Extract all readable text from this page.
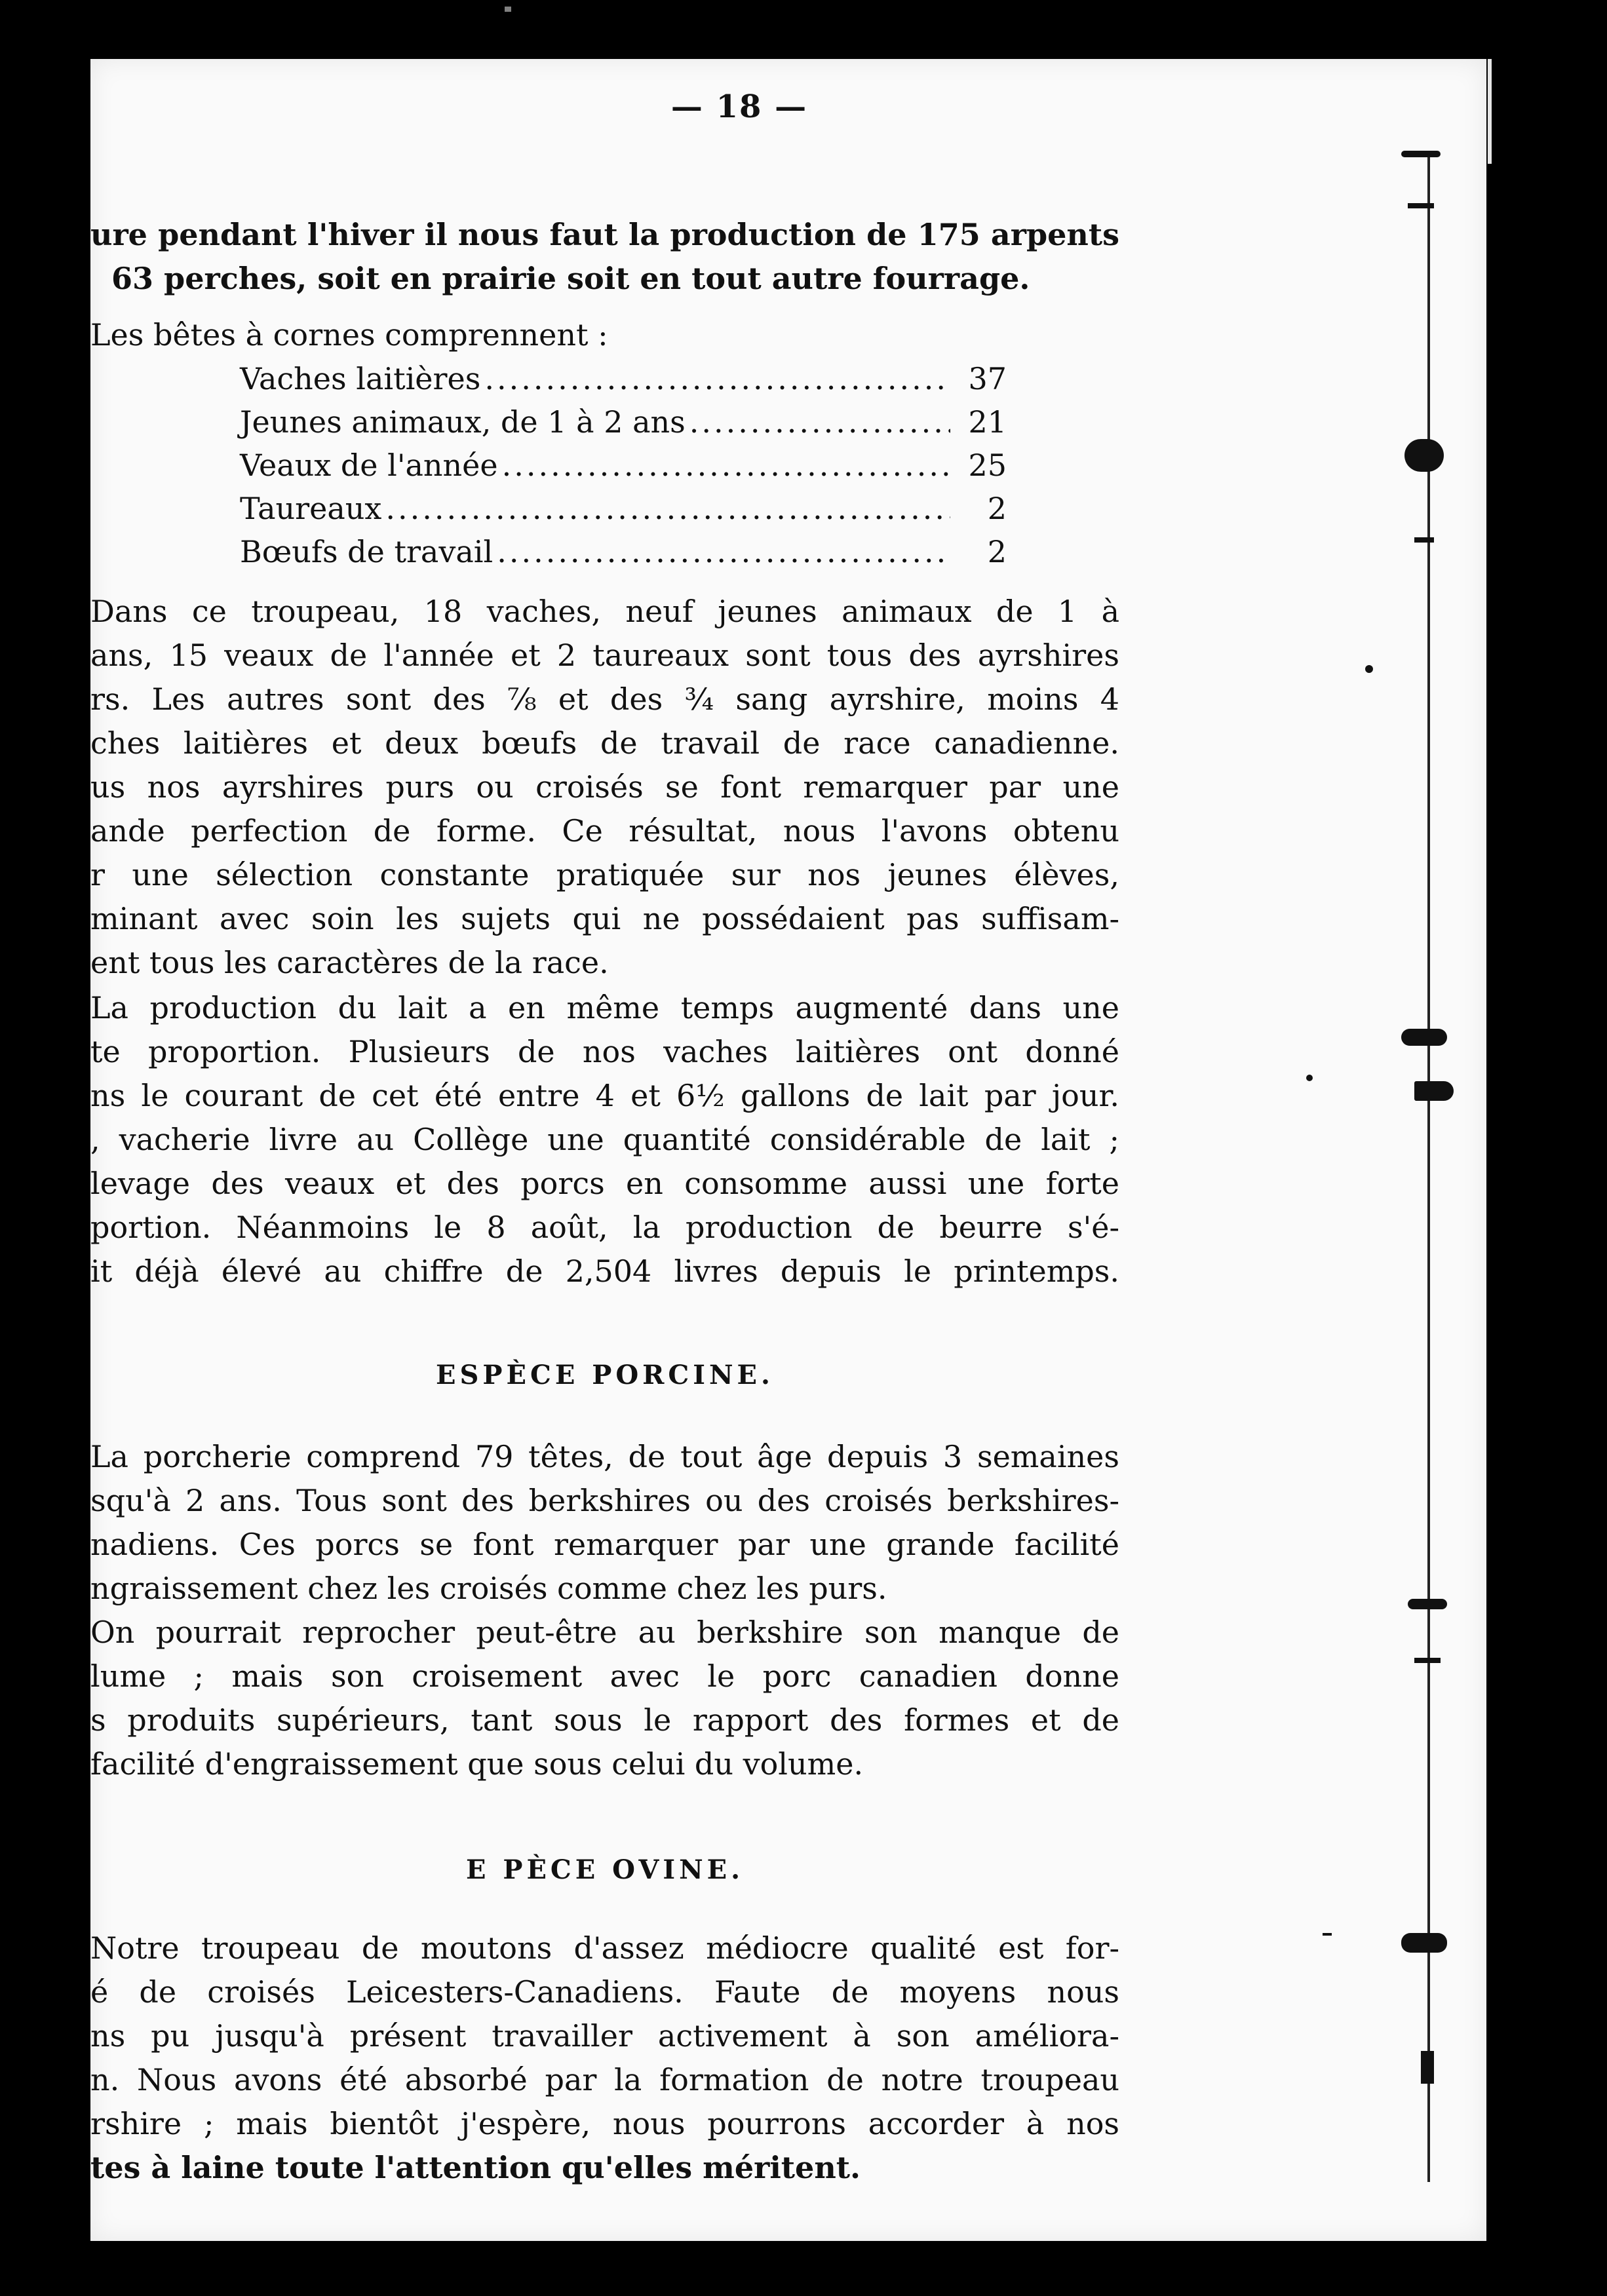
— 18 —
ure pendant l'hiver il nous faut la production de 175 arpents
63 perches, soit en prairie soit en tout autre fourrage.
Les bêtes à cornes comprennent :
Vaches laitières .....	37
Jeunes animaux, de 1 à 2 ans .....	21
Veaux de l'année .....	25
Taureaux .....	2
Bœufs de travail .....	2
Dans ce troupeau, 18 vaches, neuf jeunes animaux de 1 à
ans, 15 veaux de l'année et 2 taureaux sont tous des ayrshires
rs. Les autres sont des ⅞ et des ¾ sang ayrshire, moins 4
ches laitières et deux bœufs de travail de race canadienne.
us nos ayrshires purs ou croisés se font remarquer par une
ande perfection de forme. Ce résultat, nous l'avons obtenu
r une sélection constante pratiquée sur nos jeunes élèves,
minant avec soin les sujets qui ne possédaient pas suffisam-
ent tous les caractères de la race.
La production du lait a en même temps augmenté dans une
te proportion. Plusieurs de nos vaches laitières ont donné
ns le courant de cet été entre 4 et 6½ gallons de lait par jour.
, vacherie livre au Collège une quantité considérable de lait ;
levage des veaux et des porcs en consomme aussi une forte
portion. Néanmoins le 8 août, la production de beurre s'é-
it déjà élevé au chiffre de 2,504 livres depuis le printemps.
ESPÈCE PORCINE.
La porcherie comprend 79 têtes, de tout âge depuis 3 semaines
squ'à 2 ans. Tous sont des berkshires ou des croisés berkshires-
nadiens. Ces porcs se font remarquer par une grande facilité
ngraissement chez les croisés comme chez les purs.
On pourrait reprocher peut-être au berkshire son manque de
lume ; mais son croisement avec le porc canadien donne
s produits supérieurs, tant sous le rapport des formes et de
facilité d'engraissement que sous celui du volume.
E PÈCE OVINE.
Notre troupeau de moutons d'assez médiocre qualité est for-
é de croisés Leicesters-Canadiens. Faute de moyens nous
ns pu jusqu'à présent travailler activement à son améliora-
n. Nous avons été absorbé par la formation de notre troupeau
rshire ; mais bientôt j'espère, nous pourrons accorder à nos
tes à laine toute l'attention qu'elles méritent.
